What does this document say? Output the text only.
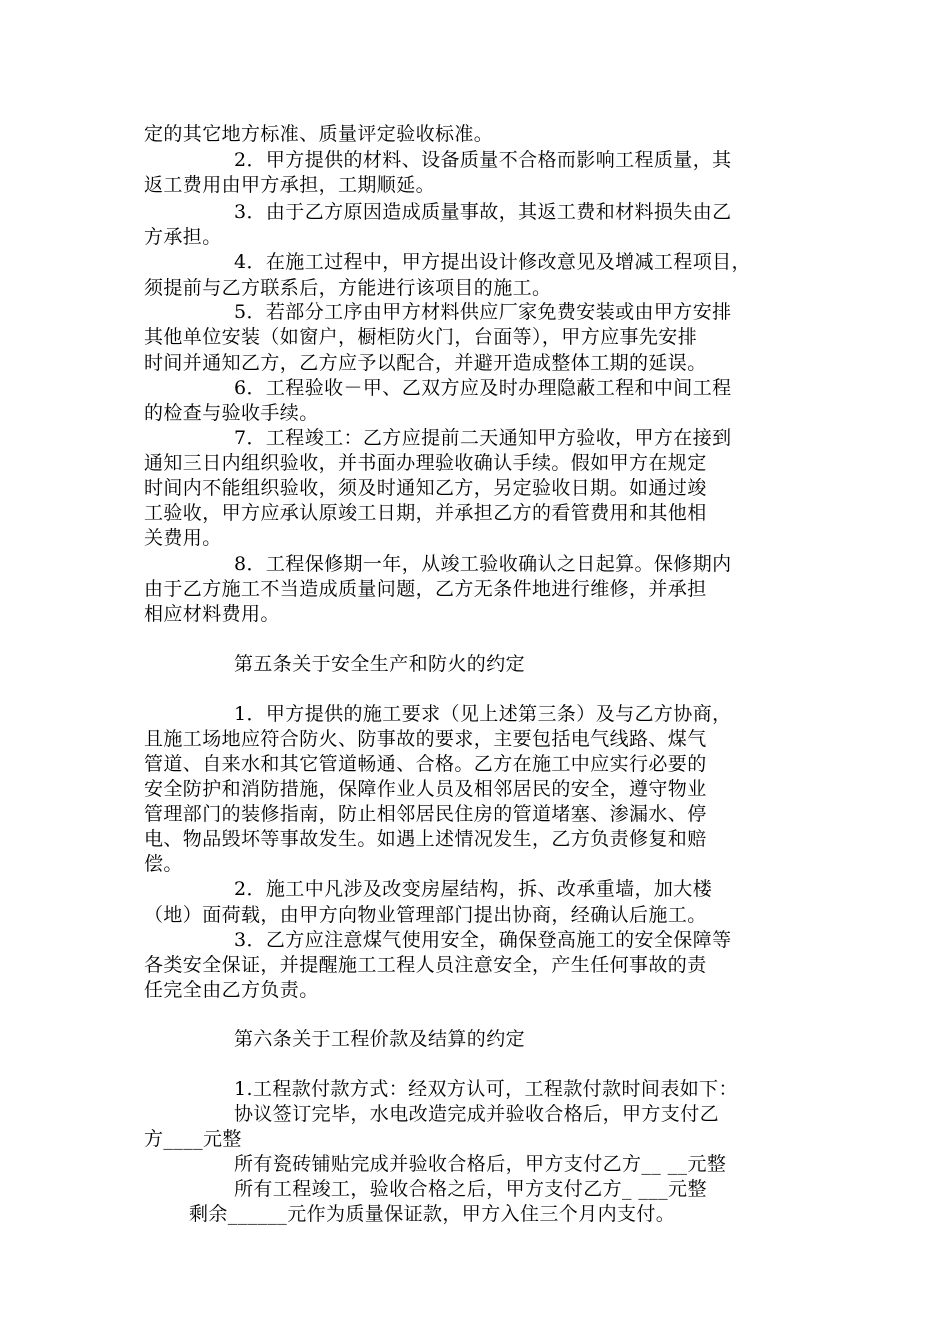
定的其它地方标准、质量评定验收标准。
2．甲方提供的材料、设备质量不合格而影响工程质量，其
返工费用由甲方承担，工期顺延。
3．由于乙方原因造成质量事故，其返工费和材料损失由乙
方承担。
4．在施工过程中，甲方提出设计修改意见及增减工程项目，
须提前与乙方联系后，方能进行该项目的施工。
5．若部分工序由甲方材料供应厂家免费安装或由甲方安排
其他单位安装（如窗户，橱柜防火门，台面等），甲方应事先安排
时间并通知乙方，乙方应予以配合，并避开造成整体工期的延误。
6．工程验收－甲、乙双方应及时办理隐蔽工程和中间工程
的检查与验收手续。
7．工程竣工：乙方应提前二天通知甲方验收，甲方在接到
通知三日内组织验收，并书面办理验收确认手续。假如甲方在规定
时间内不能组织验收，须及时通知乙方，另定验收日期。如通过竣
工验收，甲方应承认原竣工日期，并承担乙方的看管费用和其他相
关费用。
8．工程保修期一年，从竣工验收确认之日起算。保修期内
由于乙方施工不当造成质量问题，乙方无条件地进行维修，并承担
相应材料费用。
第五条关于安全生产和防火的约定
1．甲方提供的施工要求（见上述第三条）及与乙方协商，
且施工场地应符合防火、防事故的要求，主要包括电气线路、煤气
管道、自来水和其它管道畅通、合格。乙方在施工中应实行必要的
安全防护和消防措施，保障作业人员及相邻居民的安全，遵守物业
管理部门的装修指南，防止相邻居民住房的管道堵塞、渗漏水、停
电、物品毁坏等事故发生。如遇上述情况发生，乙方负责修复和赔
偿。
2．施工中凡涉及改变房屋结构，拆、改承重墙，加大楼
（地）面荷载，由甲方向物业管理部门提出协商，经确认后施工。
3．乙方应注意煤气使用安全，确保登高施工的安全保障等
各类安全保证，并提醒施工工程人员注意安全，产生任何事故的责
任完全由乙方负责。
第六条关于工程价款及结算的约定
1.工程款付款方式：经双方认可，工程款付款时间表如下：
协议签订完毕，水电改造完成并验收合格后，甲方支付乙
方____元整
所有瓷砖铺贴完成并验收合格后，甲方支付乙方__ __元整
所有工程竣工，验收合格之后，甲方支付乙方_ ___元整
剩余______元作为质量保证款，甲方入住三个月内支付。
